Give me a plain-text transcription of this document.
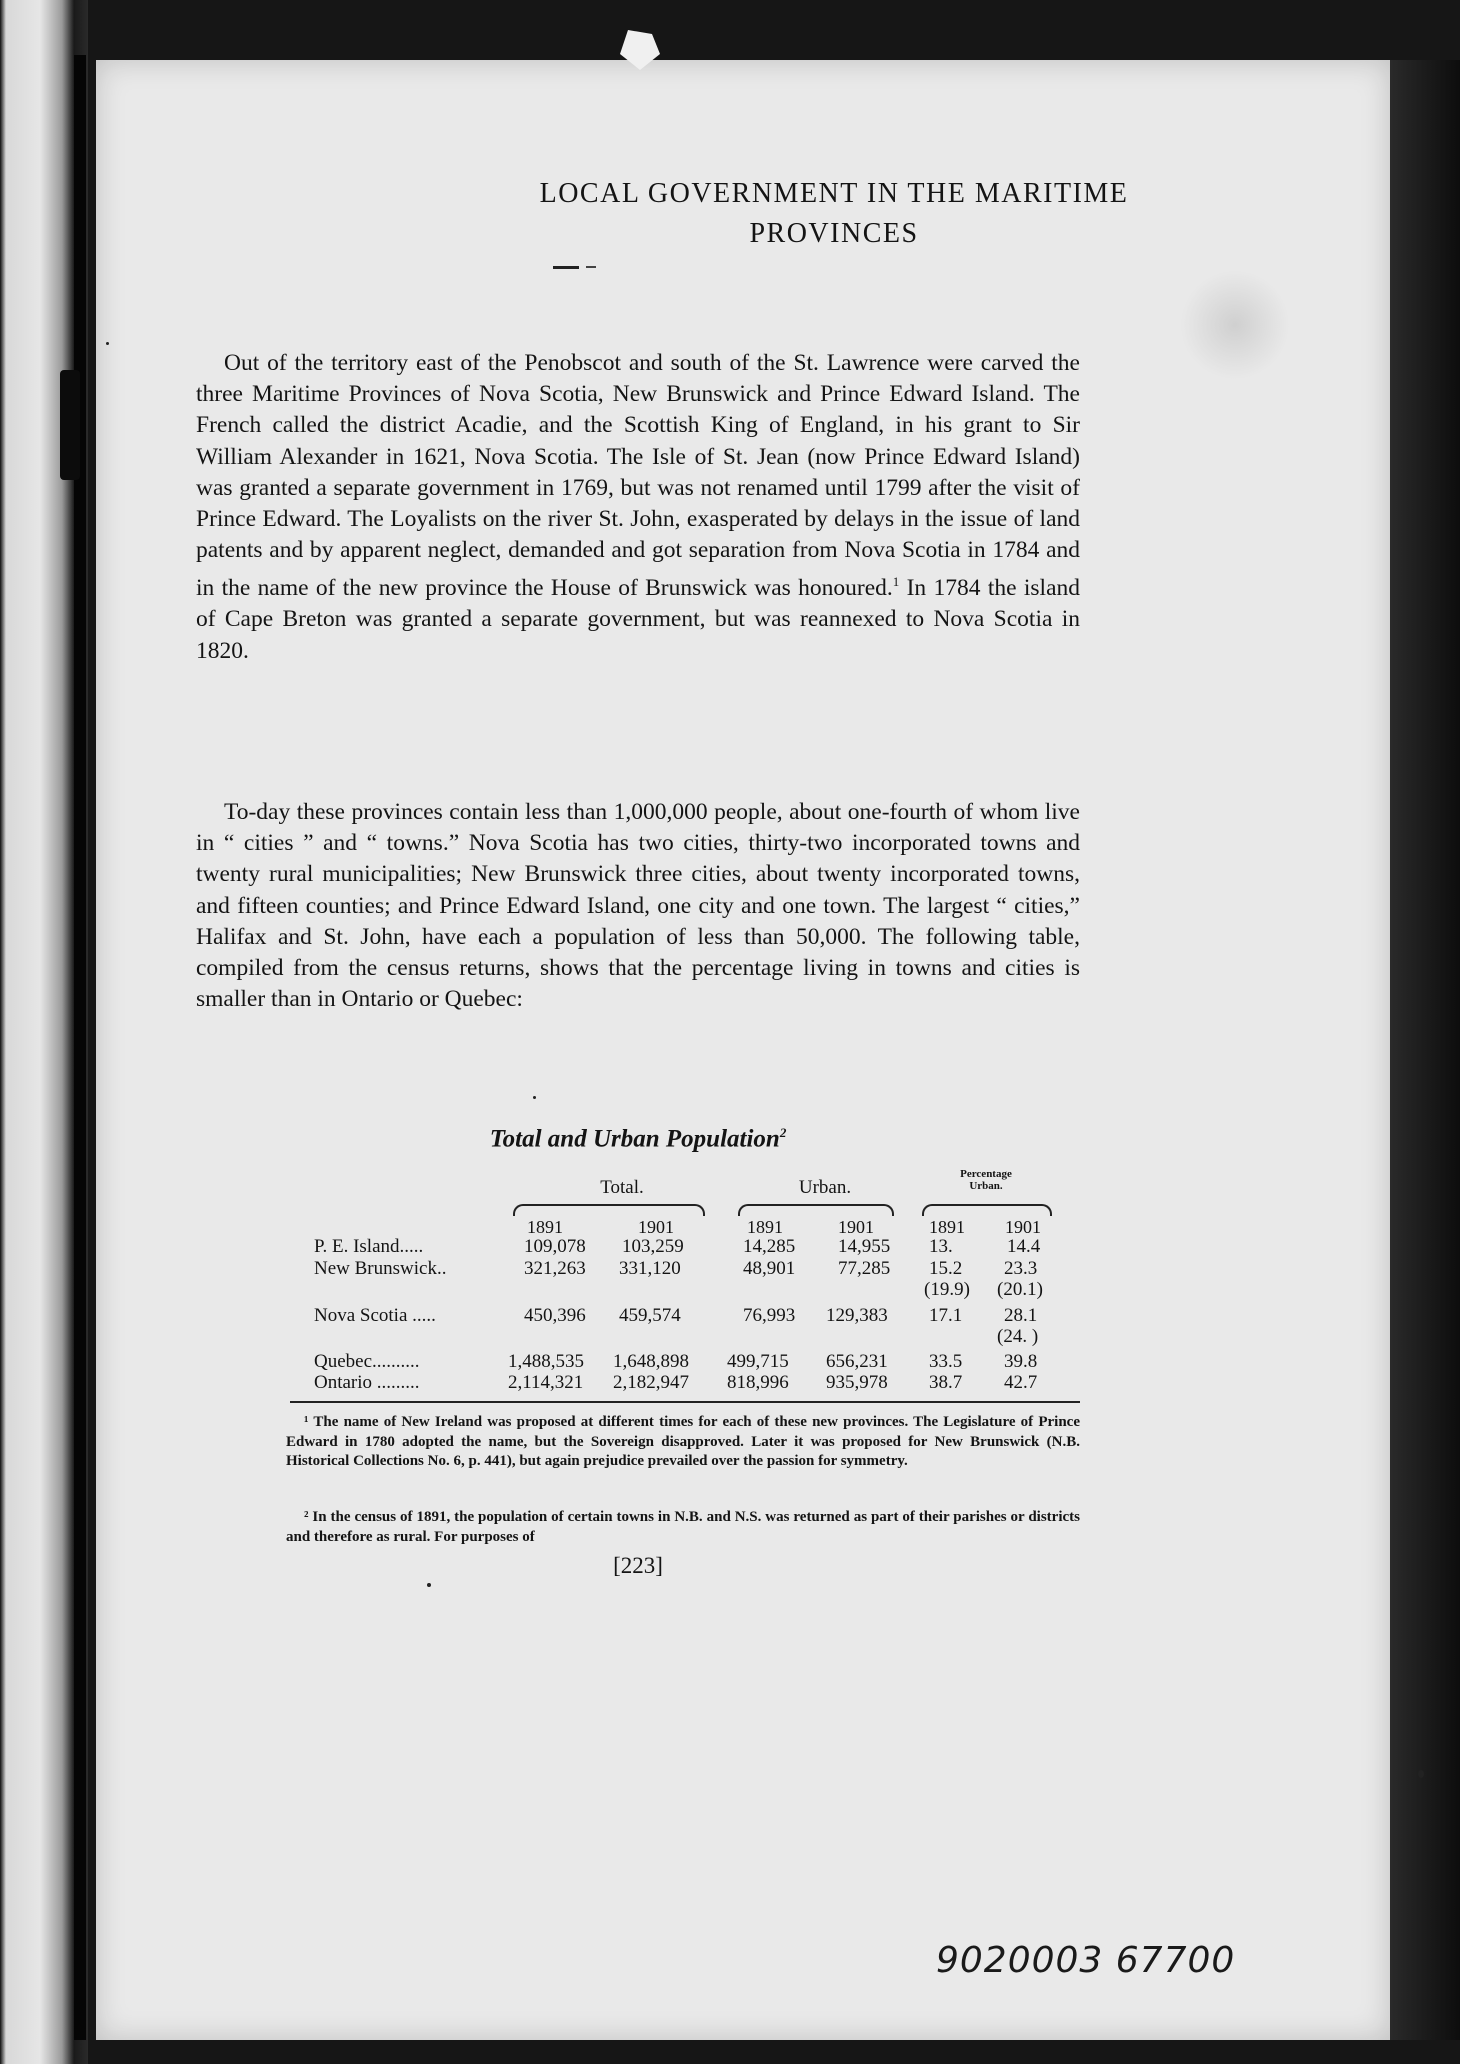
LOCAL GOVERNMENT IN THE MARITIME
PROVINCES

Out of the territory east of the Penobscot and south of the St. Lawrence were carved the three Maritime Provinces of Nova Scotia, New Brunswick and Prince Edward Island. The French called the district Acadie, and the Scottish King of England, in his grant to Sir William Alexander in 1621, Nova Scotia. The Isle of St. Jean (now Prince Edward Island) was granted a separate government in 1769, but was not renamed until 1799 after the visit of Prince Edward. The Loyalists on the river St. John, exasperated by delays in the issue of land patents and by apparent neglect, demanded and got separation from Nova Scotia in 1784 and in the name of the new province the House of Brunswick was honoured.$^1$ In 1784 the island of Cape Breton was granted a separate government, but was reannexed to Nova Scotia in 1820.

To-day these provinces contain less than 1,000,000 people, about one-fourth of whom live in “ cities ” and “ towns.” Nova Scotia has two cities, thirty-two incorporated towns and twenty rural municipalities; New Brunswick three cities, about twenty incorporated towns, and fifteen counties; and Prince Edward Island, one city and one town. The largest “ cities,” Halifax and St. John, have each a population of less than 50,000. The following table, compiled from the census returns, shows that the percentage living in towns and cities is smaller than in Ontario or Quebec:

Total and Urban Population$^2$
Total.	Urban.
Percentage
Urban.
1891	1901	1891	1901	1891 1901
P. E. Island.....	109,078 103,259	14,285 14,955 13.	14.4
New Brunswick..	321,263 331,120	48,901 77,285 15.2 23.3
(19.9) (20.1)
Nova Scotia .....	450,396 459,574	76,993 129,383 17.1 28.1
(24. )
Quebec..........	1,488,535 1,648,898 499,715 656,231 33.5 39.8
Ontario .........	2,114,321 2,182,947 818,996 935,978 38.7 42.7

¹ The name of New Ireland was proposed at different times for each of these new provinces. The Legislature of Prince Edward in 1780 adopted the name, but the Sovereign disapproved. Later it was proposed for New Brunswick (N.B. Historical Collections No. 6, p. 441), but again prejudice prevailed over the passion for symmetry.

² In the census of 1891, the population of certain towns in N.B. and N.S. was returned as part of their parishes or districts and therefore as rural. For purposes of

[223]
9020003 67700
